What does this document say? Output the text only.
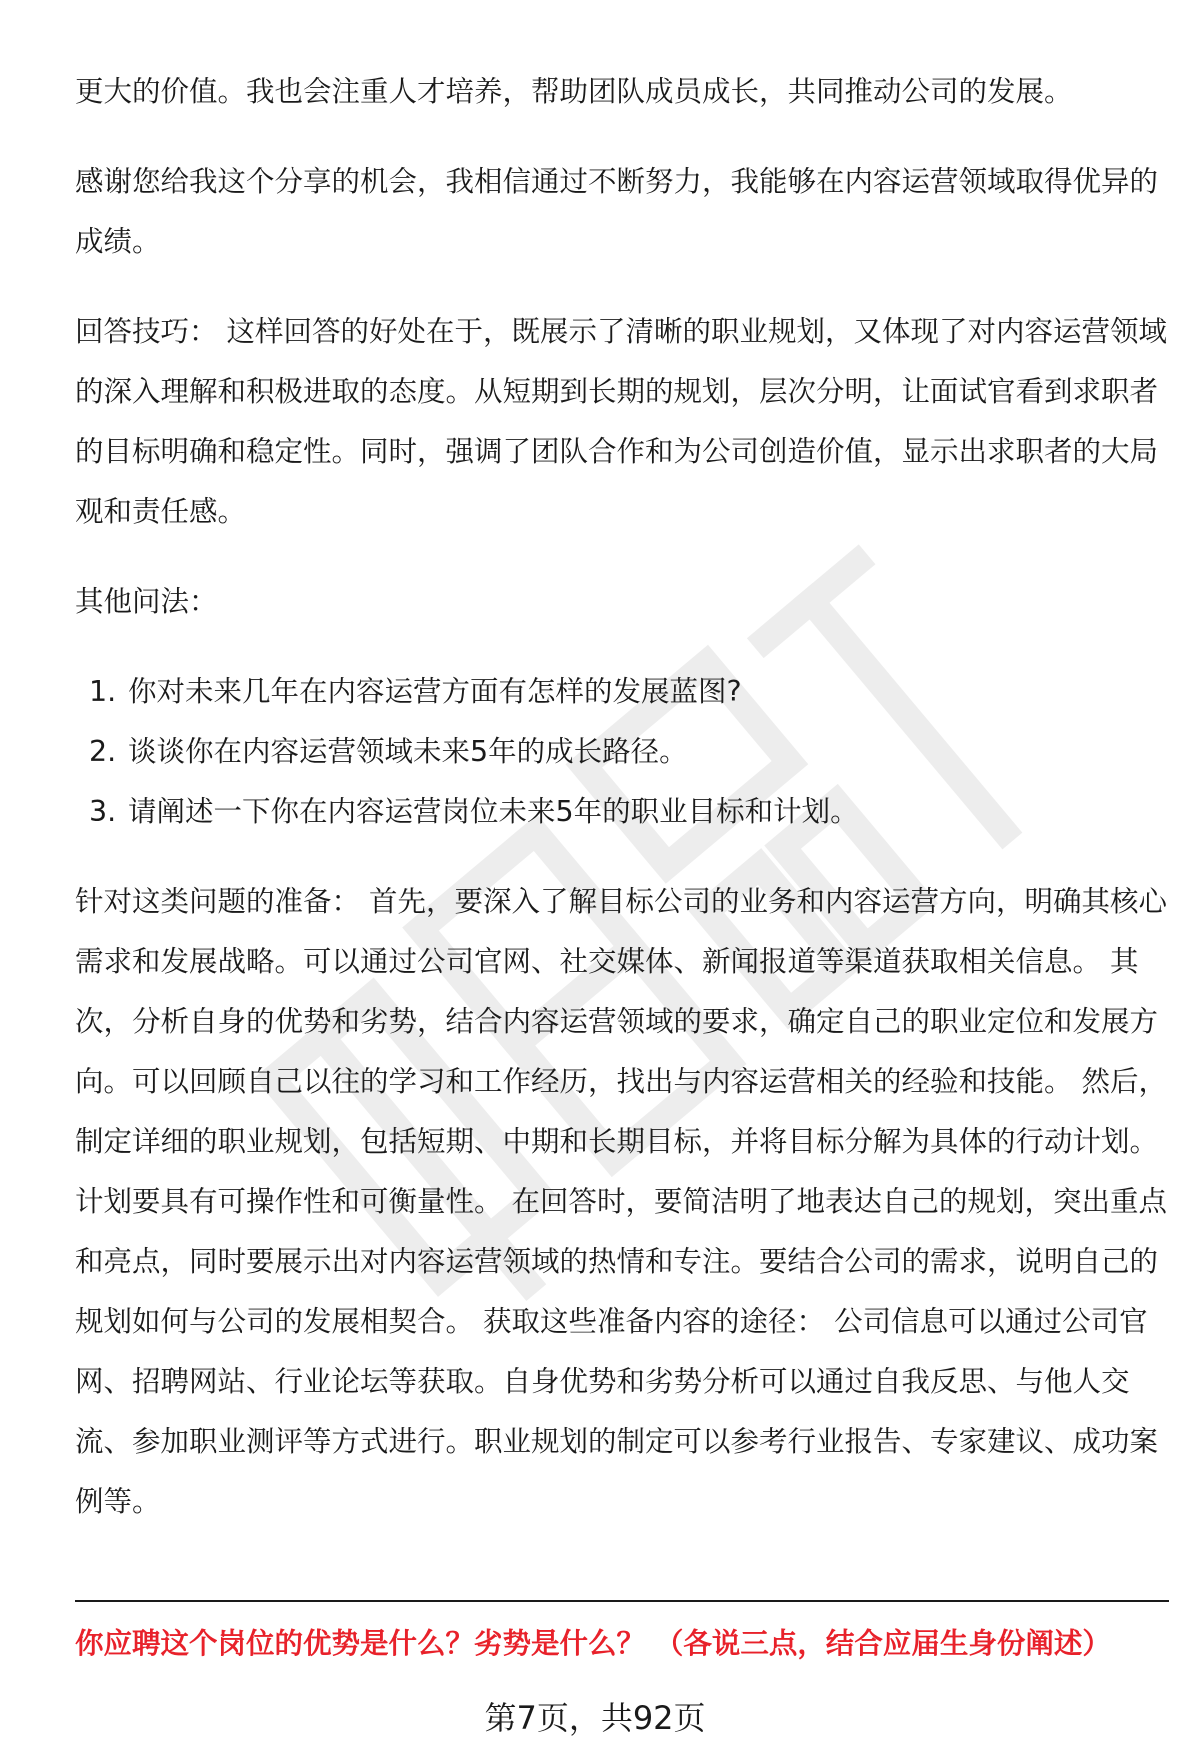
更大的价值。我也会注重人才培养，帮助团队成员成长，共同推动公司的发展。

感谢您给我这个分享的机会，我相信通过不断努力，我能够在内容运营领域取得优异的成绩。

回答技巧： 这样回答的好处在于，既展示了清晰的职业规划，又体现了对内容运营领域的深入理解和积极进取的态度。从短期到长期的规划，层次分明，让面试官看到求职者的目标明确和稳定性。同时，强调了团队合作和为公司创造价值，显示出求职者的大局观和责任感。

其他问法：

1. 你对未来几年在内容运营方面有怎样的发展蓝图?
2. 谈谈你在内容运营领域未来5年的成长路径。
3. 请阐述一下你在内容运营岗位未来5年的职业目标和计划。

针对这类问题的准备： 首先，要深入了解目标公司的业务和内容运营方向，明确其核心需求和发展战略。可以通过公司官网、社交媒体、新闻报道等渠道获取相关信息。 其次，分析自身的优势和劣势，结合内容运营领域的要求，确定自己的职业定位和发展方向。可以回顾自己以往的学习和工作经历，找出与内容运营相关的经验和技能。 然后，制定详细的职业规划，包括短期、中期和长期目标，并将目标分解为具体的行动计划。计划要具有可操作性和可衡量性。 在回答时，要简洁明了地表达自己的规划，突出重点和亮点，同时要展示出对内容运营领域的热情和专注。要结合公司的需求，说明自己的规划如何与公司的发展相契合。 获取这些准备内容的途径： 公司信息可以通过公司官网、招聘网站、行业论坛等获取。自身优势和劣势分析可以通过自我反思、与他人交流、参加职业测评等方式进行。职业规划的制定可以参考行业报告、专家建议、成功案例等。

你应聘这个岗位的优势是什么？劣势是什么？ （各说三点，结合应届生身份阐述）
第7页，共92页
